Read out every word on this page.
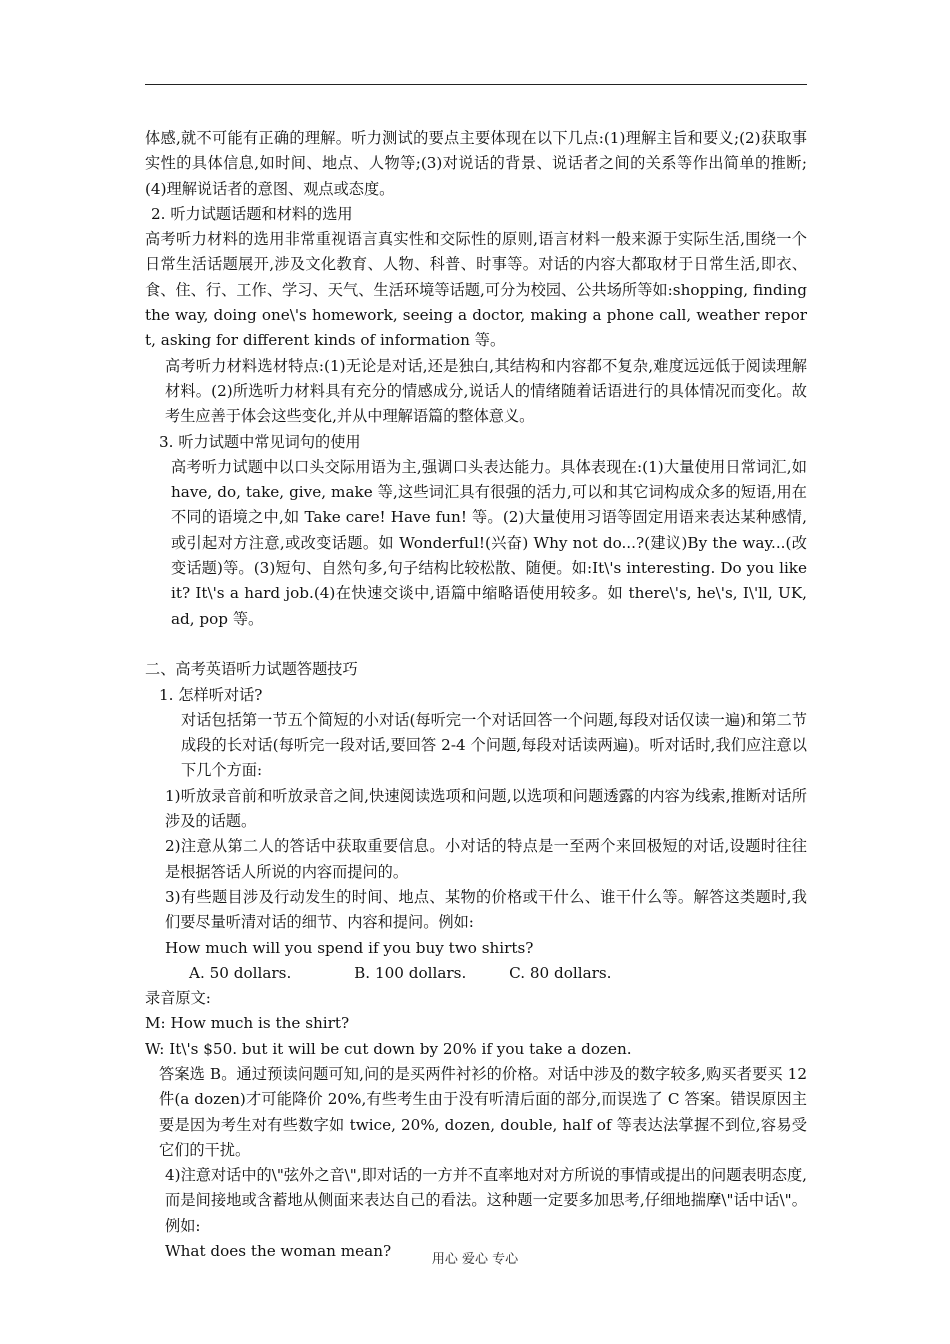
体感,就不可能有正确的理解。听力测试的要点主要体现在以下几点:(1)理解主旨和要义;(2)获取事实性的具体信息,如时间、地点、人物等;(3)对说话的背景、说话者之间的关系等作出简单的推断;(4)理解说话者的意图、观点或态度。

2. 听力试题话题和材料的选用

高考听力材料的选用非常重视语言真实性和交际性的原则,语言材料一般来源于实际生活,围绕一个日常生活话题展开,涉及文化教育、人物、科普、时事等。对话的内容大都取材于日常生活,即衣、食、住、行、工作、学习、天气、生活环境等话题,可分为校园、公共场所等如:shopping, finding the way, doing one\'s homework, seeing a doctor, making a phone call, weather report, asking for different kinds of information 等。

高考听力材料选材特点:(1)无论是对话,还是独白,其结构和内容都不复杂,难度远远低于阅读理解材料。(2)所选听力材料具有充分的情感成分,说话人的情绪随着话语进行的具体情况而变化。故考生应善于体会这些变化,并从中理解语篇的整体意义。

3. 听力试题中常见词句的使用

高考听力试题中以口头交际用语为主,强调口头表达能力。具体表现在:(1)大量使用日常词汇,如 have, do, take, give, make 等,这些词汇具有很强的活力,可以和其它词构成众多的短语,用在不同的语境之中,如 Take care! Have fun! 等。(2)大量使用习语等固定用语来表达某种感情,或引起对方注意,或改变话题。如 Wonderful!(兴奋) Why not do...?(建议)By the way...(改变话题)等。(3)短句、自然句多,句子结构比较松散、随便。如:It\'s interesting. Do you like it? It\'s a hard job.(4)在快速交谈中,语篇中缩略语使用较多。如 there\'s, he\'s, I\'ll, UK, ad, pop 等。

二、高考英语听力试题答题技巧

1. 怎样听对话?

对话包括第一节五个简短的小对话(每听完一个对话回答一个问题,每段对话仅读一遍)和第二节成段的长对话(每听完一段对话,要回答 2-4 个问题,每段对话读两遍)。听对话时,我们应注意以下几个方面:

1)听放录音前和听放录音之间,快速阅读选项和问题,以选项和问题透露的内容为线索,推断对话所涉及的话题。

2)注意从第二人的答话中获取重要信息。小对话的特点是一至两个来回极短的对话,设题时往往是根据答话人所说的内容而提问的。

3)有些题目涉及行动发生的时间、地点、某物的价格或干什么、谁干什么等。解答这类题时,我们要尽量听清对话的细节、内容和提问。例如:

How much will you spend if you buy two shirts?

A. 50 dollars.	B. 100 dollars.	C. 80 dollars.

录音原文:

M: How much is the shirt?

W: It\'s $50. but it will be cut down by 20% if you take a dozen.

答案选 B。通过预读问题可知,问的是买两件衬衫的价格。对话中涉及的数字较多,购买者要买 12 件(a dozen)才可能降价 20%,有些考生由于没有听清后面的部分,而误选了 C 答案。错误原因主要是因为考生对有些数字如 twice, 20%, dozen, double, half of 等表达法掌握不到位,容易受它们的干扰。

4)注意对话中的\"弦外之音\",即对话的一方并不直率地对对方所说的事情或提出的问题表明态度,而是间接地或含蓄地从侧面来表达自己的看法。这种题一定要多加思考,仔细地揣摩\"话中话\"。例如:

What does the woman mean?	用心 爱心 专心
